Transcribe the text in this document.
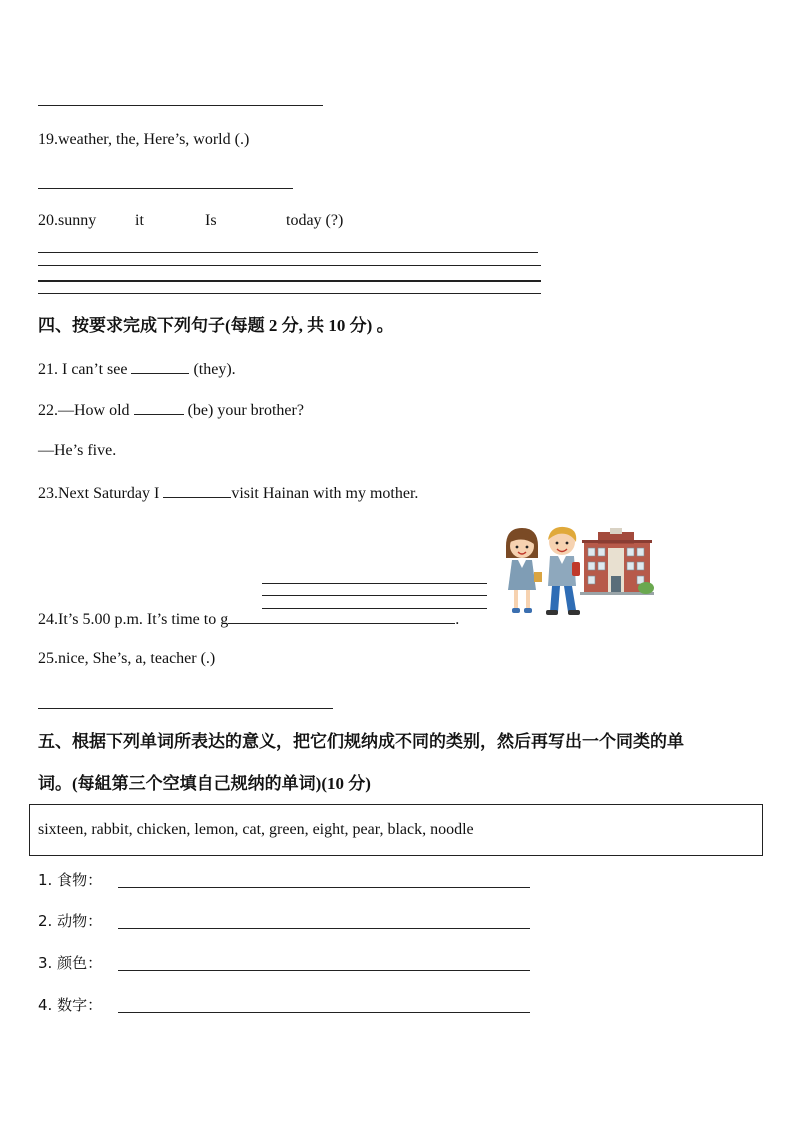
19.weather, the, Here’s, world (.)
20.sunny it	Is	today (?)
四、按要求完成下列句子(每题 2 分, 共 10 分) 。
21. I can’t see	(they).
22.—How old	(be) your brother?
—He’s five.
23.Next Saturday I	visit Hainan with my mother.
24.It’s 5.00 p.m. It’s time to g	.
25.nice, She’s, a, teacher (.)
五、根据下列单词所表达的意义，把它们规纳成不同的类别，然后再写出一个同类的单
词。(每組第三个空填自己规纳的单词)(10 分)
sixteen, rabbit, chicken, lemon, cat, green, eight, pear, black, noodle
1. 食物：
2. 动物：
3. 颜色：
4. 数字：
